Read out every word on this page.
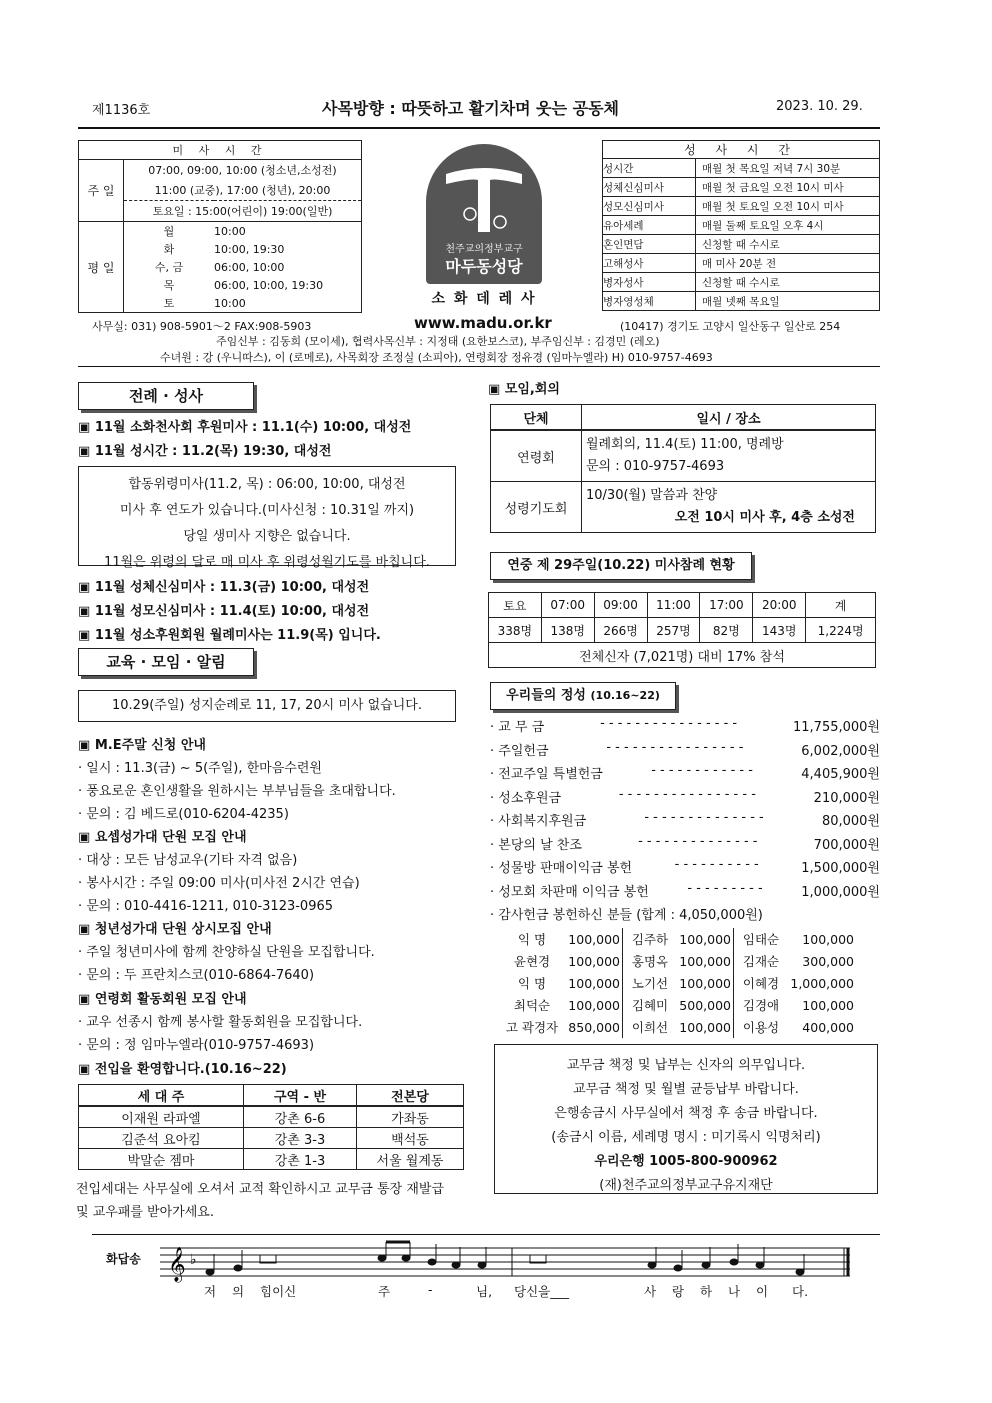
제1136호	사목방향 : 따뜻하고 활기차며 웃는 공동체	2023. 10. 29.
미 사 시 간		
주 일	07:00, 09:00, 10:00 (청소년,소성전)	
	11:00 (교중), 17:00 (청년), 20:00	
	토요일 : 15:00(어린이) 19:00(일반)	
평 일	월	10:00
	화	10:00, 19:30
	수, 금	06:00, 10:00
	목	06:00, 10:00, 19:30
	토	10:00
천주교의정부교구
마두동성당
소 화 데 레 사
성 사 시 간	
성시간	매월 첫 목요일 저녁 7시 30분
성체신심미사	매월 첫 금요일 오전 10시 미사
성모신심미사	매월 첫 토요일 오전 10시 미사
유아세례	매월 둘째 토요일 오후 4시
혼인면담	신청할 때 수시로
고해성사	매 미사 20분 전
병자성사	신청할 때 수시로
병자영성체	매월 넷째 목요일
사무실: 031) 908-5901～2 FAX:908-5903	www.madu.or.kr	(10417) 경기도 고양시 일산동구 일산로 254
주임신부 : 김동희 (모이세), 협력사목신부 : 지정태 (요한보스코), 부주임신부 : 김경민 (레오)
수녀원 : 강 (우니따스), 이 (로메로), 사목회장 조정실 (소피아), 연령회장 정유경 (임마누엘라) H) 010-9757-4693
전례 · 성사
▣ 11월 소화천사회 후원미사 : 11.1(수) 10:00, 대성전
▣ 11월 성시간 : 11.2(목) 19:30, 대성전
합동위령미사(11.2, 목) : 06:00, 10:00, 대성전
미사 후 연도가 있습니다.(미사신청 : 10.31일 까지)
당일 생미사 지향은 없습니다.
11월은 위령의 달로 매 미사 후 위령성월기도를 바칩니다.
▣ 11월 성체신심미사 : 11.3(금) 10:00, 대성전
▣ 11월 성모신심미사 : 11.4(토) 10:00, 대성전
▣ 11월 성소후원회원 월례미사는 11.9(목) 입니다.
교육 · 모임 · 알림
10.29(주일) 성지순례로 11, 17, 20시 미사 없습니다.
▣ M.E주말 신청 안내
· 일시 : 11.3(금) ~ 5(주일), 한마음수련원
· 풍요로운 혼인생활을 원하시는 부부님들을 초대합니다.
· 문의 : 김 베드로(010-6204-4235)
▣ 요셉성가대 단원 모집 안내
· 대상 : 모든 남성교우(기타 자격 없음)
· 봉사시간 : 주일 09:00 미사(미사전 2시간 연습)
· 문의 : 010-4416-1211, 010-3123-0965
▣ 청년성가대 단원 상시모집 안내
· 주일 청년미사에 함께 찬양하실 단원을 모집합니다.
· 문의 : 두 프란치스코(010-6864-7640)
▣ 연령회 활동회원 모집 안내
· 교우 선종시 함께 봉사할 활동회원을 모집합니다.
· 문의 : 정 임마누엘라(010-9757-4693)
▣ 전입을 환영합니다.(10.16~22)
세 대 주	구역 - 반	전본당
이재원 라파엘	강촌 6-6	가좌동
김준석 요아킴	강촌 3-3	백석동
박말순 젬마	강촌 1-3	서울 월계동
전입세대는 사무실에 오셔서 교적 확인하시고 교무금 통장 재발급
및 교우패를 받아가세요.
▣ 모임,회의
단체	일시 / 장소
연령회	월례회의, 11.4(토) 11:00, 명례방
문의 : 010-9757-4693

성령기도회	10/30(월) 말씀과 찬양
오전 10시 미사 후, 4층 소성전
연중 제 29주일(10.22) 미사참례 현황
토요	07:00	09:00	11:00	17:00	20:00	계
338명	138명	266명	257명	82명	143명	1,224명
전체신자 (7,021명) 대비 17% 참석						
우리들의 정성 (10.16~22)
· 교 무 금	- - - - - - - - - - - - - - - -	11,755,000원
· 주일헌금	- - - - - - - - - - - - - - - -	6,002,000원
· 전교주일 특별헌금	- - - - - - - - - - - -	4,405,900원
· 성소후원금	- - - - - - - - - - - - - - - -	210,000원
· 사회복지후원금	- - - - - - - - - - - - - -	80,000원
· 본당의 날 찬조	- - - - - - - - - - - - - -	700,000원
· 성물방 판매이익금 봉헌	- - - - - - - - - -	1,500,000원
· 성모회 차판매 이익금 봉헌	- - - - - - - - -	1,000,000원
· 감사헌금 봉헌하신 분들 (합계 : 4,050,000원)
익 명	100,000	김주하	100,000	임태순	100,000
윤현경	100,000	홍명옥	100,000	김재순	300,000
익 명	100,000	노기선	100,000	이혜경	1,000,000
최덕순	100,000	김혜미	500,000	김경애	100,000
고 곽경자	850,000	이희선	100,000	이용성	400,000
교무금 책정 및 납부는 신자의 의무입니다.
교무금 책정 및 월별 균등납부 바랍니다.
은행송금시 사무실에서 책정 후 송금 바랍니다.
(송금시 이름, 세례명 명시 : 미기록시 익명처리)
우리은행 1005-800-900962
(재)천주교의정부교구유지재단
화답송 𝄞 ♭
저 의 힘이신	주	-	님, 당신을___	사 랑 하 나 이 다.
